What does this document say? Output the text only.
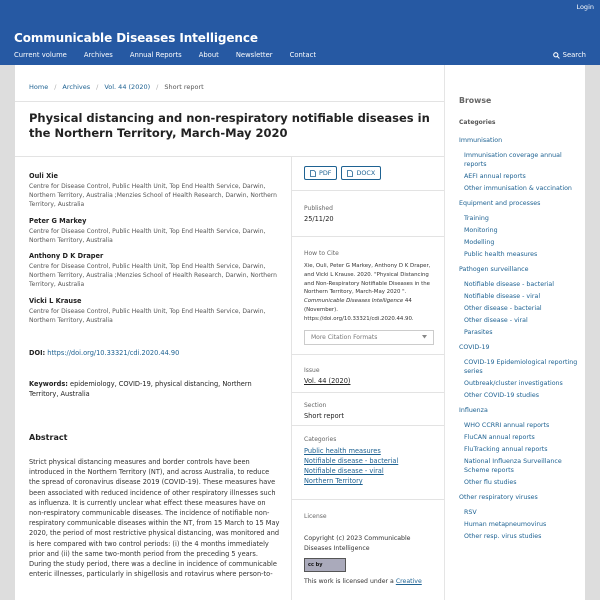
Login
Communicable Diseases Intelligence
Current volume	Archives	Annual Reports	About	Newsletter	Contact	Search
Home / Archives / Vol. 44 (2020) / Short report
Physical distancing and non-respiratory notifiable diseases in the Northern Territory, March-May 2020
Ouli Xie
Centre for Disease Control, Public Health Unit, Top End Health Service, Darwin, Northern Territory, Australia ;Menzies School of Health Research, Darwin, Northern Territory, Australia
Peter G Markey
Centre for Disease Control, Public Health Unit, Top End Health Service, Darwin, Northern Territory, Australia
Anthony D K Draper
Centre for Disease Control, Public Health Unit, Top End Health Service, Darwin, Northern Territory, Australia ;Menzies School of Health Research, Darwin, Northern Territory, Australia
Vicki L Krause
Centre for Disease Control, Public Health Unit, Top End Health Service, Darwin, Northern Territory, Australia
DOI: https://doi.org/10.33321/cdi.2020.44.90
Keywords: epidemiology, COVID-19, physical distancing, Northern Territory, Australia
Abstract
Strict physical distancing measures and border controls have been introduced in the Northern Territory (NT), and across Australia, to reduce the spread of coronavirus disease 2019 (COVID-19). These measures have been associated with reduced incidence of other respiratory illnesses such as influenza. It is currently unclear what effect these measures have on non-respiratory communicable diseases. The incidence of notifiable non-respiratory communicable diseases within the NT, from 15 March to 15 May 2020, the period of most restrictive physical distancing, was monitored and is here compared with two control periods: (i) the 4 months immediately prior and (ii) the same two-month period from the preceding 5 years. During the study period, there was a decline in incidence of communicable enteric illnesses, particularly in shigellosis and rotavirus where person-to-
PDF	DOCX
Published
25/11/20
How to Cite
Xie, Ouli, Peter G Markey, Anthony D K Draper, and Vicki L Krause. 2020. "Physical Distancing and Non-Respiratory Notifiable Diseases in the Northern Territory, March-May 2020 ". Communicable Diseases Intelligence 44 (November). https://doi.org/10.33321/cdi.2020.44.90.
More Citation Formats
Issue
Vol. 44 (2020)
Section
Short report
Categories
Public health measures
Notifiable disease - bacterial
Notifiable disease - viral
Northern Territory
License
Copyright (c) 2023 Communicable Diseases Intelligence
cc by
This work is licensed under a Creative
Browse
Categories
Immunisation
Immunisation coverage annual reports
AEFI annual reports
Other immunisation & vaccination
Equipment and processes
Training
Monitoring
Modelling
Public health measures
Pathogen surveillance
Notifiable disease - bacterial
Notifiable disease - viral
Other disease - bacterial
Other disease - viral
Parasites
COVID-19
COVID-19 Epidemiological reporting series
Outbreak/cluster investigations
Other COVID-19 studies
Influenza
WHO CCRRI annual reports
FluCAN annual reports
FluTracking annual reports
National Influenza Surveillance Scheme reports
Other flu studies
Other respiratory viruses
RSV
Human metapneumovirus
Other resp. virus studies
